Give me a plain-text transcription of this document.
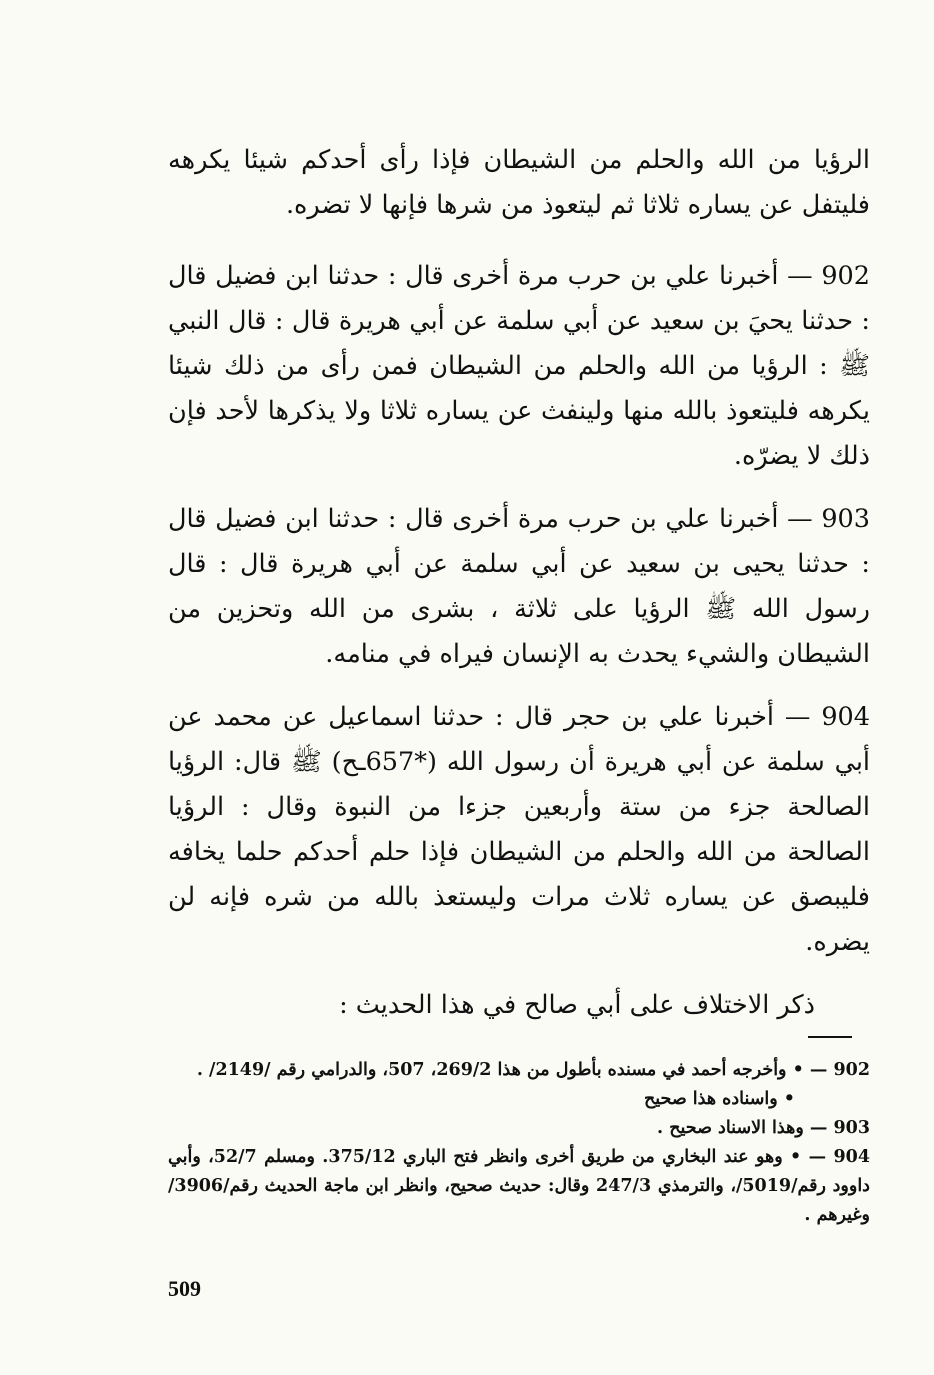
الرؤيا من الله والحلم من الشيطان فإذا رأى أحدكم شيئا يكرهه فليتفل عن يساره ثلاثا ثم ليتعوذ من شرها فإنها لا تضره.

902 — أخبرنا علي بن حرب مرة أخرى قال : حدثنا ابن فضيل قال : حدثنا يحيَ بن سعيد عن أبي سلمة عن أبي هريرة قال : قال النبي ﷺ : الرؤيا من الله والحلم من الشيطان فمن رأى من ذلك شيئا يكرهه فليتعوذ بالله منها ولينفث عن يساره ثلاثا ولا يذكرها لأحد فإن ذلك لا يضرّه.

903 — أخبرنا علي بن حرب مرة أخرى قال : حدثنا ابن فضيل قال : حدثنا يحيى بن سعيد عن أبي سلمة عن أبي هريرة قال : قال رسول الله ﷺ الرؤيا على ثلاثة ، بشرى من الله وتحزين من الشيطان والشيء يحدث به الإنسان فيراه في منامه.

904 — أخبرنا علي بن حجر قال : حدثنا اسماعيل عن محمد عن أبي سلمة عن أبي هريرة أن رسول الله (*657ـح) ﷺ قال: الرؤيا الصالحة جزء من ستة وأربعين جزءا من النبوة وقال : الرؤيا الصالحة من الله والحلم من الشيطان فإذا حلم أحدكم حلما يخافه فليبصق عن يساره ثلاث مرات وليستعذ بالله من شره فإنه لن يضره.

ذكر الاختلاف على أبي صالح في هذا الحديث :

902 — • وأخرجه أحمد في مسنده بأطول من هذا 269/2، 507، والدرامي رقم /2149/ .

• واسناده هذا صحيح

903 — وهذا الاسناد صحيح .

904 — • وهو عند البخاري من طريق أخرى وانظر فتح الباري 375/12. ومسلم 52/7، وأبي داوود رقم/5019/، والترمذي 247/3 وقال: حديث صحيح، وانظر ابن ماجة الحديث رقم/3906/وغيرهم .

509
